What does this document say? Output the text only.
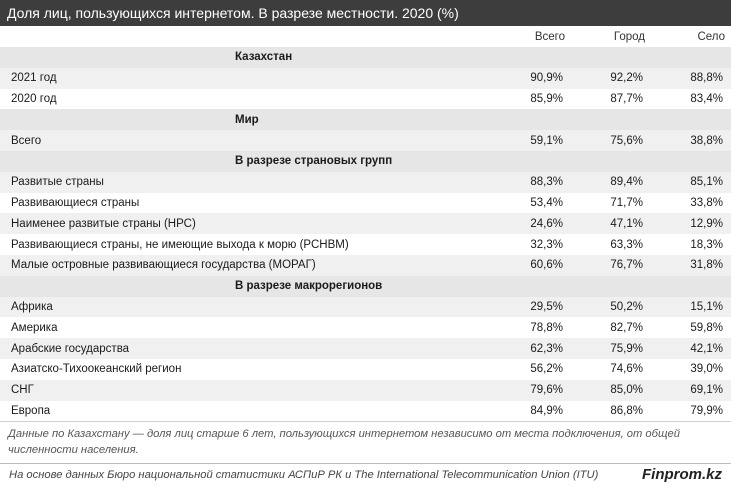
Доля лиц, пользующихся интернетом. В разрезе местности. 2020 (%)
	Всего	Город	Село
Казахстан			
2021 год	90,9%	92,2%	88,8%
2020 год	85,9%	87,7%	83,4%
Мир			
Всего	59,1%	75,6%	38,8%
В разрезе страновых групп			
Развитые страны	88,3%	89,4%	85,1%
Развивающиеся страны	53,4%	71,7%	33,8%
Наименее развитые страны (НРС)	24,6%	47,1%	12,9%
Развивающиеся страны, не имеющие выхода к морю (РСНВМ)	32,3%	63,3%	18,3%
Малые островные развивающиеся государства (МОРАГ)	60,6%	76,7%	31,8%
В разрезе макрорегионов			
Африка	29,5%	50,2%	15,1%
Америка	78,8%	82,7%	59,8%
Арабские государства	62,3%	75,9%	42,1%
Азиатско-Тихоокеанский регион	56,2%	74,6%	39,0%
СНГ	79,6%	85,0%	69,1%
Европа	84,9%	86,8%	79,9%
Данные по Казахстану — доля лиц старше 6 лет, пользующихся интернетом независимо от места подключения, от общей численности населения.
На основе данных Бюро национальной статистики АСПиР РК и The International Telecommunication Union (ITU)	Finprom.kz
